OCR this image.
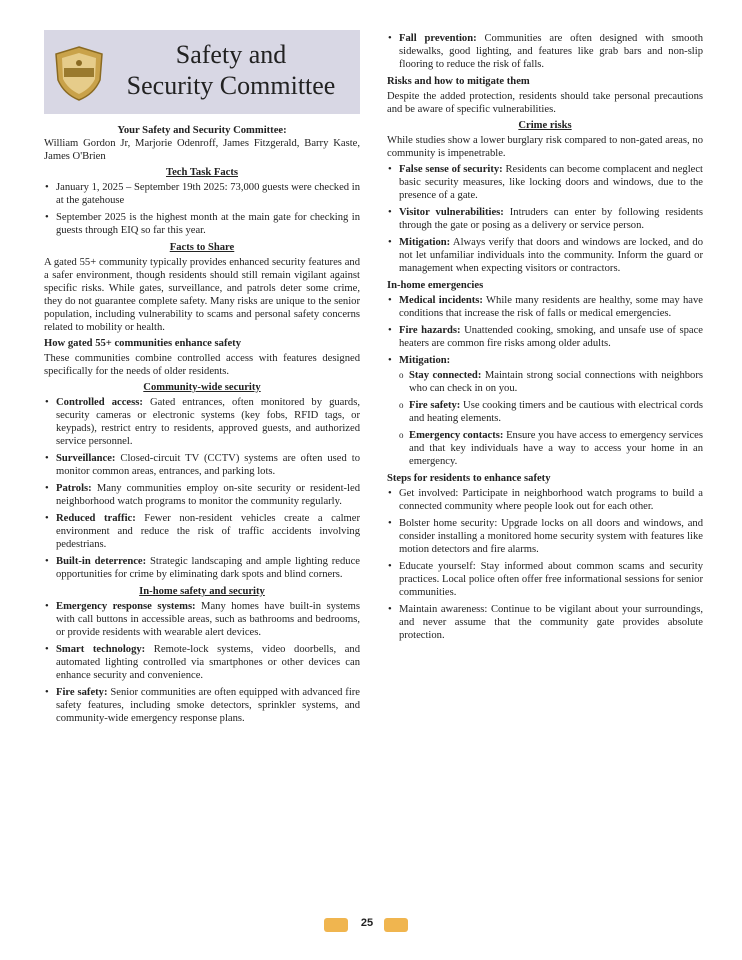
Safety and
Security Committee
Your Safety and Security Committee:

William Gordon Jr, Marjorie Odenroff, James Fitzgerald, Barry Kaste, James O'Brien

Tech Task Facts
• January 1, 2025 – September 19th 2025: 73,000 guests were checked in at the gatehouse
• September 2025 is the highest month at the main gate for checking in guests through EIQ so far this year.
Facts to Share

A gated 55+ community typically provides enhanced security features and a safer environment, though residents should still remain vigilant against specific risks. While gates, surveillance, and patrols deter some crime, they do not guarantee complete safety. Many risks are unique to the senior population, including vulnerability to scams and personal safety concerns related to mobility or health.

How gated 55+ communities enhance safety

These communities combine controlled access with features designed specifically for the needs of older residents.

Community-wide security
• Controlled access: Gated entrances, often monitored by guards, security cameras or electronic systems (key fobs, RFID tags, or keypads), restrict entry to residents, approved guests, and authorized service personnel.
• Surveillance: Closed-circuit TV (CCTV) systems are often used to monitor common areas, entrances, and parking lots.
• Patrols: Many communities employ on-site security or resident-led neighborhood watch programs to monitor the community regularly.
• Reduced traffic: Fewer non-resident vehicles create a calmer environment and reduce the risk of traffic accidents involving pedestrians.
• Built-in deterrence: Strategic landscaping and ample lighting reduce opportunities for crime by eliminating dark spots and blind corners.
In-home safety and security
• Emergency response systems: Many homes have built-in systems with call buttons in accessible areas, such as bathrooms and bedrooms, or provide residents with wearable alert devices.
• Smart technology: Remote-lock systems, video doorbells, and automated lighting controlled via smartphones or other devices can enhance security and convenience.
• Fire safety: Senior communities are often equipped with advanced fire safety features, including smoke detectors, sprinkler systems, and community-wide emergency response plans.
• Fall prevention: Communities are often designed with smooth sidewalks, good lighting, and features like grab bars and non-slip flooring to reduce the risk of falls.
Risks and how to mitigate them

Despite the added protection, residents should take personal precautions and be aware of specific vulnerabilities.

Crime risks

While studies show a lower burglary risk compared to non-gated areas, no community is impenetrable.

• False sense of security: Residents can become complacent and neglect basic security measures, like locking doors and windows, due to the presence of a gate.
• Visitor vulnerabilities: Intruders can enter by following residents through the gate or posing as a delivery or service person.
• Mitigation: Always verify that doors and windows are locked, and do not let unfamiliar individuals into the community. Inform the guard or management when expecting visitors or contractors.
In-home emergencies
• Medical incidents: While many residents are healthy, some may have conditions that increase the risk of falls or medical emergencies.
• Fire hazards: Unattended cooking, smoking, and unsafe use of space heaters are common fire risks among older adults.
• Mitigation:
o Stay connected: Maintain strong social connections with neighbors who can check in on you.
o Fire safety: Use cooking timers and be cautious with electrical cords and heating elements.
o Emergency contacts: Ensure you have access to emergency services and that key individuals have a way to access your home in an emergency.
Steps for residents to enhance safety
• Get involved: Participate in neighborhood watch programs to build a connected community where people look out for each other.
• Bolster home security: Upgrade locks on all doors and windows, and consider installing a monitored home security system with features like motion detectors and fire alarms.
• Educate yourself: Stay informed about common scams and security practices. Local police often offer free informational sessions for senior communities.
• Maintain awareness: Continue to be vigilant about your surroundings, and never assume that the community gate provides absolute protection.
25
